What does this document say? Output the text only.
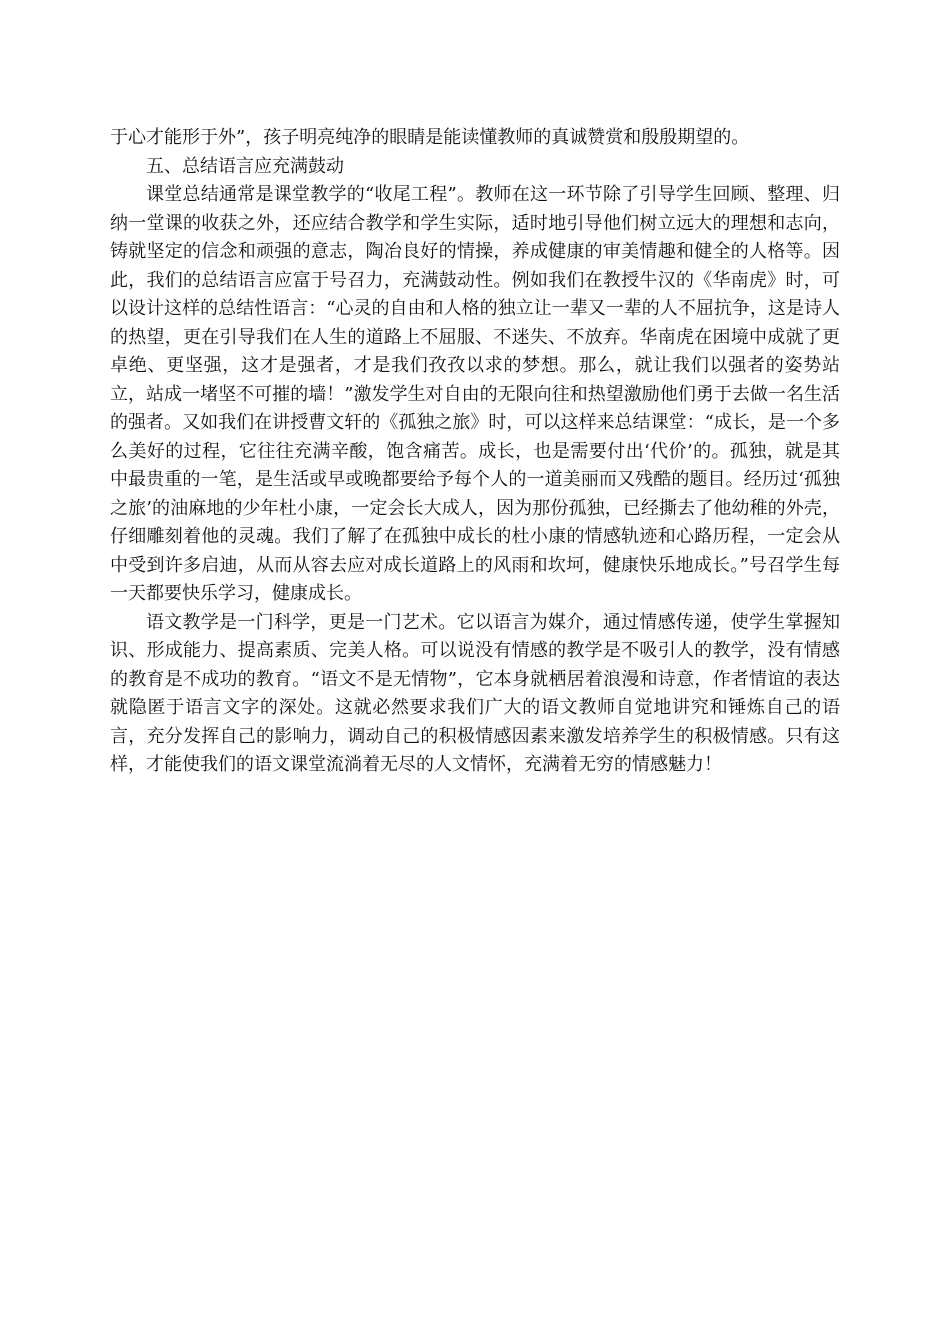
于心才能形于外”，孩子明亮纯净的眼睛是能读懂教师的真诚赞赏和殷殷期望的。

五、总结语言应充满鼓动

课堂总结通常是课堂教学的“收尾工程”。教师在这一环节除了引导学生回顾、整理、归纳一堂课的收获之外，还应结合教学和学生实际，适时地引导他们树立远大的理想和志向，铸就坚定的信念和顽强的意志，陶冶良好的情操，养成健康的审美情趣和健全的人格等。因此，我们的总结语言应富于号召力，充满鼓动性。例如我们在教授牛汉的《华南虎》时，可以设计这样的总结性语言：“心灵的自由和人格的独立让一辈又一辈的人不屈抗争，这是诗人的热望，更在引导我们在人生的道路上不屈服、不迷失、不放弃。华南虎在困境中成就了更卓绝、更坚强，这才是强者，才是我们孜孜以求的梦想。那么，就让我们以强者的姿势站立，站成一堵坚不可摧的墙！”激发学生对自由的无限向往和热望激励他们勇于去做一名生活的强者。又如我们在讲授曹文轩的《孤独之旅》时，可以这样来总结课堂：“成长，是一个多么美好的过程，它往往充满辛酸，饱含痛苦。成长，也是需要付出‘代价’的。孤独，就是其中最贵重的一笔，是生活或早或晚都要给予每个人的一道美丽而又残酷的题目。经历过‘孤独之旅’的油麻地的少年杜小康，一定会长大成人，因为那份孤独，已经撕去了他幼稚的外壳，仔细雕刻着他的灵魂。我们了解了在孤独中成长的杜小康的情感轨迹和心路历程，一定会从中受到许多启迪，从而从容去应对成长道路上的风雨和坎坷，健康快乐地成长。”号召学生每一天都要快乐学习，健康成长。

语文教学是一门科学，更是一门艺术。它以语言为媒介，通过情感传递，使学生掌握知识、形成能力、提高素质、完美人格。可以说没有情感的教学是不吸引人的教学，没有情感的教育是不成功的教育。“语文不是无情物”，它本身就栖居着浪漫和诗意，作者情谊的表达就隐匿于语言文字的深处。这就必然要求我们广大的语文教师自觉地讲究和锤炼自己的语言，充分发挥自己的影响力，调动自己的积极情感因素来激发培养学生的积极情感。只有这样，才能使我们的语文课堂流淌着无尽的人文情怀，充满着无穷的情感魅力！
